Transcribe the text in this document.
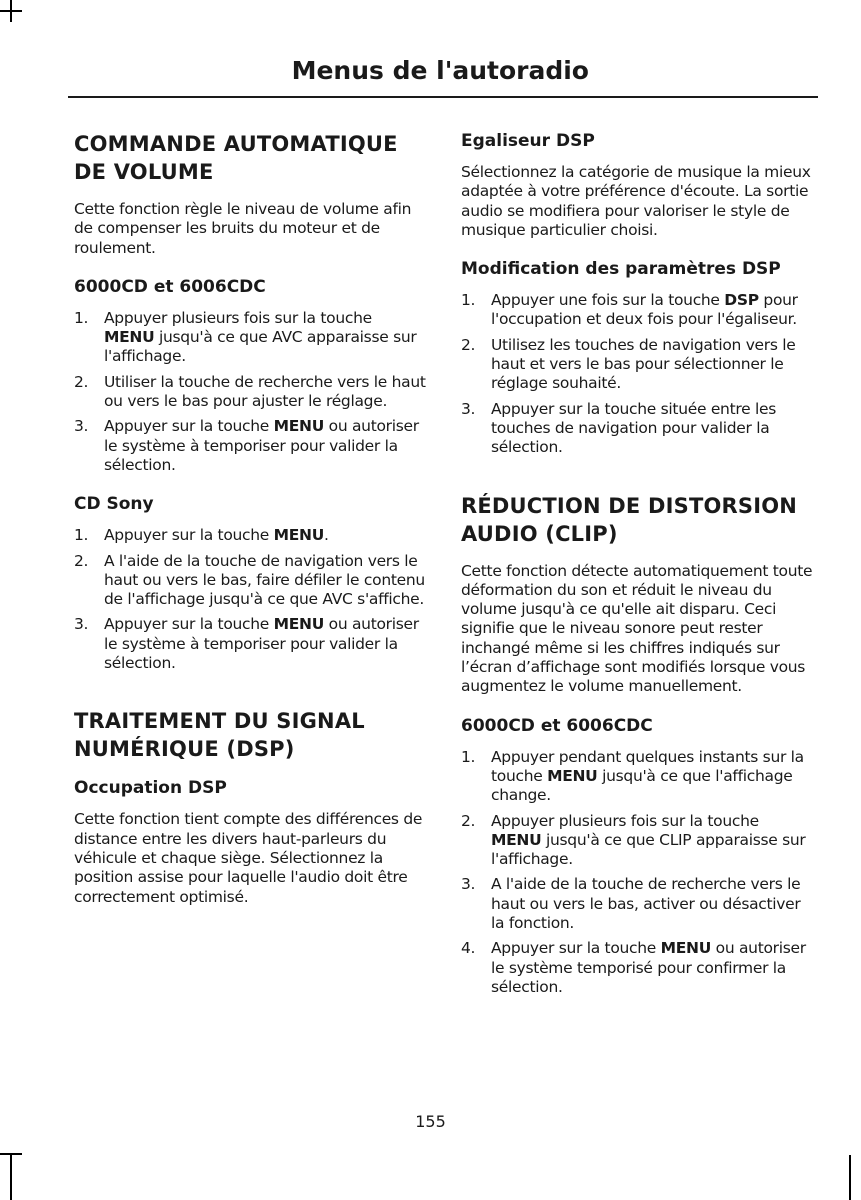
Menus de l'autoradio
COMMANDE AUTOMATIQUE DE VOLUME

Cette fonction règle le niveau de volume afin de compenser les bruits du moteur et de roulement.

6000CD et 6006CDC
1. Appuyer plusieurs fois sur la touche MENU jusqu'à ce que AVC apparaisse sur l'affichage.
2. Utiliser la touche de recherche vers le haut ou vers le bas pour ajuster le réglage.
3. Appuyer sur la touche MENU ou autoriser le système à temporiser pour valider la sélection.
CD Sony
1. Appuyer sur la touche MENU.
2. A l'aide de la touche de navigation vers le haut ou vers le bas, faire défiler le contenu de l'affichage jusqu'à ce que AVC s'affiche.
3. Appuyer sur la touche MENU ou autoriser le système à temporiser pour valider la sélection.
TRAITEMENT DU SIGNAL NUMÉRIQUE (DSP)
Occupation DSP

Cette fonction tient compte des différences de distance entre les divers haut-parleurs du véhicule et chaque siège. Sélectionnez la position assise pour laquelle l'audio doit être correctement optimisé.

Egaliseur DSP

Sélectionnez la catégorie de musique la mieux adaptée à votre préférence d'écoute. La sortie audio se modifiera pour valoriser le style de musique particulier choisi.

Modification des paramètres DSP
1. Appuyer une fois sur la touche DSP pour l'occupation et deux fois pour l'égaliseur.
2. Utilisez les touches de navigation vers le haut et vers le bas pour sélectionner le réglage souhaité.
3. Appuyer sur la touche située entre les touches de navigation pour valider la sélection.
RÉDUCTION DE DISTORSION AUDIO (CLIP)

Cette fonction détecte automatiquement toute déformation du son et réduit le niveau du volume jusqu'à ce qu'elle ait disparu. Ceci signifie que le niveau sonore peut rester inchangé même si les chiffres indiqués sur l’écran d’affichage sont modifiés lorsque vous augmentez le volume manuellement.

6000CD et 6006CDC
1. Appuyer pendant quelques instants sur la touche MENU jusqu'à ce que l'affichage change.
2. Appuyer plusieurs fois sur la touche MENU jusqu'à ce que CLIP apparaisse sur l'affichage.
3. A l'aide de la touche de recherche vers le haut ou vers le bas, activer ou désactiver la fonction.
4. Appuyer sur la touche MENU ou autoriser le système temporisé pour confirmer la sélection.
155
